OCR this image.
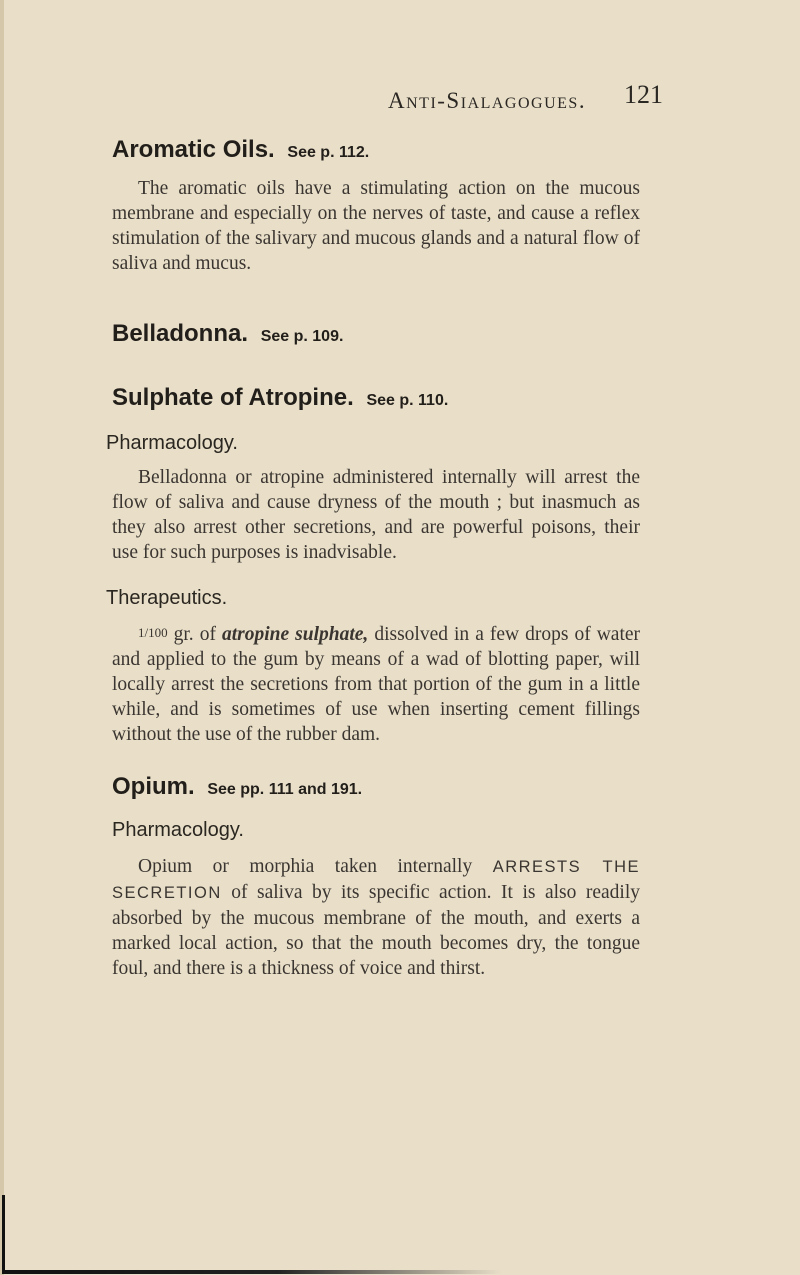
Anti-Sialagogues. 121
Aromatic Oils. See p. 112.

The aromatic oils have a stimulating action on the mucous membrane and especially on the nerves of taste, and cause a reflex stimulation of the salivary and mucous glands and a natural flow of saliva and mucus.

Belladonna. See p. 109.
Sulphate of Atropine. See p. 110.
Pharmacology.

Belladonna or atropine administered internally will arrest the flow of saliva and cause dryness of the mouth ; but inasmuch as they also arrest other secretions, and are powerful poisons, their use for such purposes is inadvisable.

Therapeutics.

1/100 gr. of atropine sulphate, dissolved in a few drops of water and applied to the gum by means of a wad of blotting paper, will locally arrest the secretions from that portion of the gum in a little while, and is sometimes of use when inserting cement fillings without the use of the rubber dam.

Opium. See pp. 111 and 191.
Pharmacology.

Opium or morphia taken internally ARRESTS THE SECRETION of saliva by its specific action. It is also readily absorbed by the mucous membrane of the mouth, and exerts a marked local action, so that the mouth becomes dry, the tongue foul, and there is a thickness of voice and thirst.
